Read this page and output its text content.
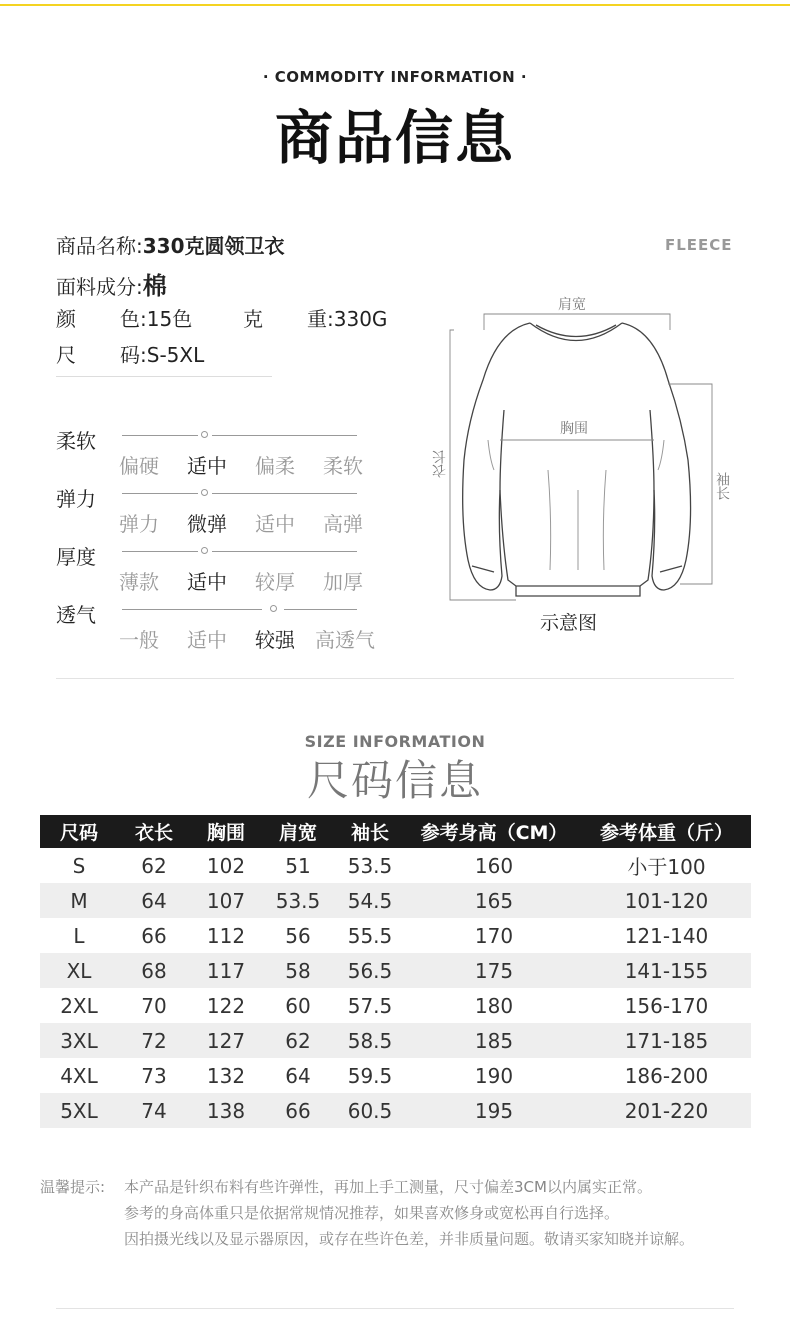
· COMMODITY INFORMATION ·
商品信息
商品名称:330克圆领卫衣
面料成分:棉
颜 色:15色	克 重:330G
尺 码:S-5XL
FLEECE
柔软
偏硬	适中	偏柔	柔软
弹力
弹力	微弹	适中	高弹
厚度
薄款	适中	较厚	加厚
透气
一般	适中	较强	高透气
肩宽
胸围
衣长
袖长
示意图
SIZE INFORMATION
尺码信息
尺码	衣长	胸围	肩宽	袖长	参考身高（CM）	参考体重（斤）
S	62	102	51	53.5	160	小于100
M	64	107	53.5	54.5	165	101-120
L	66	112	56	55.5	170	121-140
XL	68	117	58	56.5	175	141-155
2XL	70	122	60	57.5	180	156-170
3XL	72	127	62	58.5	185	171-185
4XL	73	132	64	59.5	190	186-200
5XL	74	138	66	60.5	195	201-220
温馨提示: 本产品是针织布料有些许弹性，再加上手工测量，尺寸偏差3CM以内属实正常。
参考的身高体重只是依据常规情况推荐，如果喜欢修身或宽松再自行选择。
因拍摄光线以及显示器原因，或存在些许色差，并非质量问题。敬请买家知晓并谅解。
